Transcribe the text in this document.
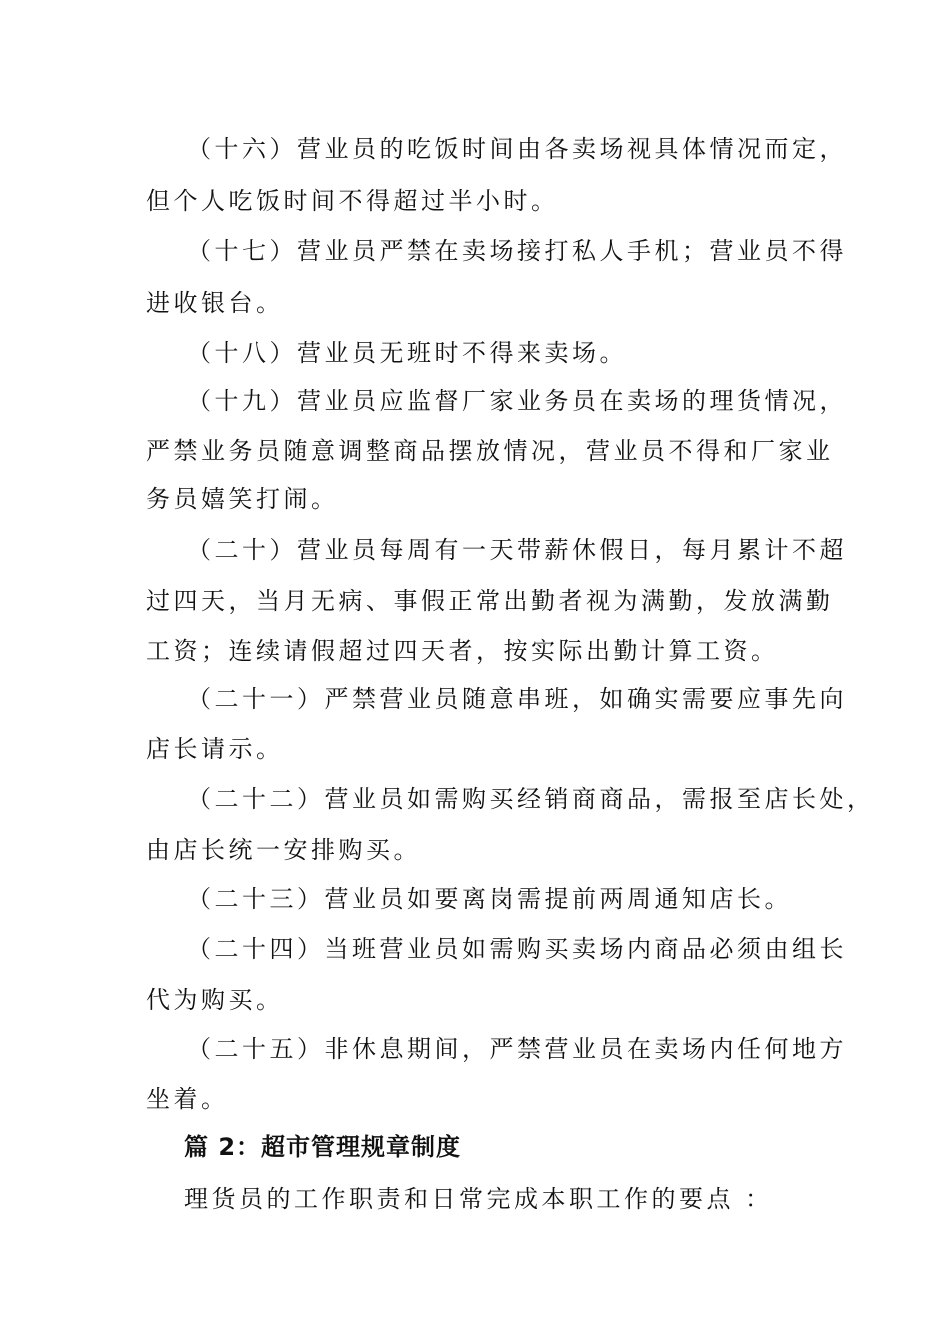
（十六）营业员的吃饭时间由各卖场视具体情况而定，
但个人吃饭时间不得超过半小时。
（十七）营业员严禁在卖场接打私人手机；营业员不得
进收银台。
（十八）营业员无班时不得来卖场。
（十九）营业员应监督厂家业务员在卖场的理货情况，
严禁业务员随意调整商品摆放情况，营业员不得和厂家业
务员嬉笑打闹。
（二十）营业员每周有一天带薪休假日，每月累计不超
过四天，当月无病、事假正常出勤者视为满勤，发放满勤
工资；连续请假超过四天者，按实际出勤计算工资。
（二十一）严禁营业员随意串班，如确实需要应事先向
店长请示。
（二十二）营业员如需购买经销商商品，需报至店长处，
由店长统一安排购买。
（二十三）营业员如要离岗需提前两周通知店长。
（二十四）当班营业员如需购买卖场内商品必须由组长
代为购买。
（二十五）非休息期间，严禁营业员在卖场内任何地方
坐着。
篇 2：超市管理规章制度
理货员的工作职责和日常完成本职工作的要点 ：
